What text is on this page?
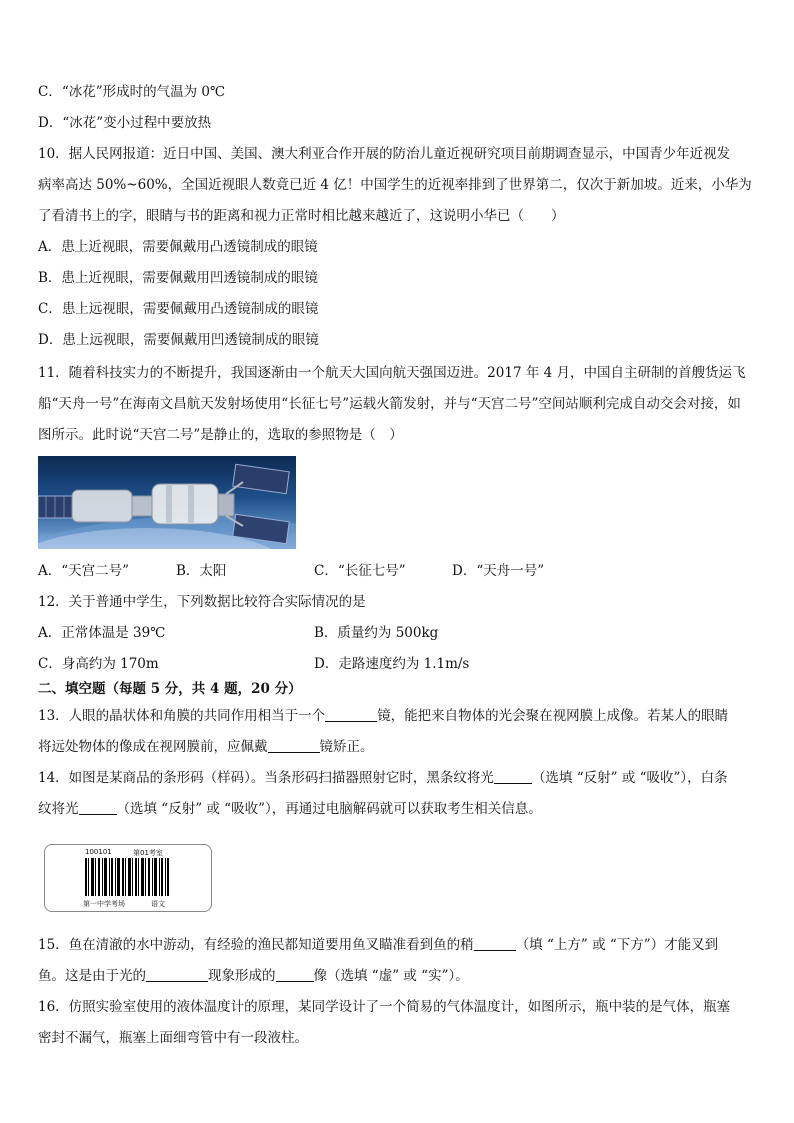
C．“冰花”形成时的气温为 0℃
D．“冰花”变小过程中要放热
10．据人民网报道：近日中国、美国、澳大利亚合作开展的防治儿童近视研究项目前期调查显示，中国青少年近视发
病率高达 50%~60%，全国近视眼人数竟已近 4 亿！中国学生的近视率排到了世界第二，仅次于新加坡。近来，小华为
了看清书上的字，眼睛与书的距离和视力正常时相比越来越近了，这说明小华已（　　）
A．患上近视眼，需要佩戴用凸透镜制成的眼镜
B．患上近视眼，需要佩戴用凹透镜制成的眼镜
C．患上远视眼，需要佩戴用凸透镜制成的眼镜
D．患上远视眼，需要佩戴用凹透镜制成的眼镜
11．随着科技实力的不断提升，我国逐渐由一个航天大国向航天强国迈进。2017 年 4 月，中国自主研制的首艘货运飞
船“天舟一号”在海南文昌航天发射场使用“长征七号”运载火箭发射，并与“天宫二号”空间站顺利完成自动交会对接，如
图所示。此时说“天宫二号”是静止的，选取的参照物是（　）
A．“天宫二号”	B．太阳	C．“长征七号”	D．“天舟一号”
12．关于普通中学生，下列数据比较符合实际情况的是
A．正常体温是 39℃	B．质量约为 500kg
C．身高约为 170m	D．走路速度约为 1.1m/s
二、填空题（每题 5 分，共 4 题，20 分）
13．人眼的晶状体和角膜的共同作用相当于一个	镜，能把来自物体的光会聚在视网膜上成像。若某人的眼睛
将远处物体的像成在视网膜前，应佩戴	镜矫正。
14．如图是某商品的条形码（样码）。当条形码扫描器照射它时，黑条纹将光	（选填 “反射” 或 “吸收”），白条
纹将光	（选填 “反射” 或 “吸收”），再通过电脑解码就可以获取考生相关信息。
100101	第01考室
第一中学考场	语文
15．鱼在清澈的水中游动，有经验的渔民都知道要用鱼叉瞄准看到鱼的稍	（填 “上方” 或 “下方”）才能叉到
鱼。这是由于光的	现象形成的	像（选填 “虚” 或 “实”）。
16．仿照实验室使用的液体温度计的原理，某同学设计了一个简易的气体温度计，如图所示，瓶中装的是气体，瓶塞
密封不漏气，瓶塞上面细弯管中有一段液柱。
